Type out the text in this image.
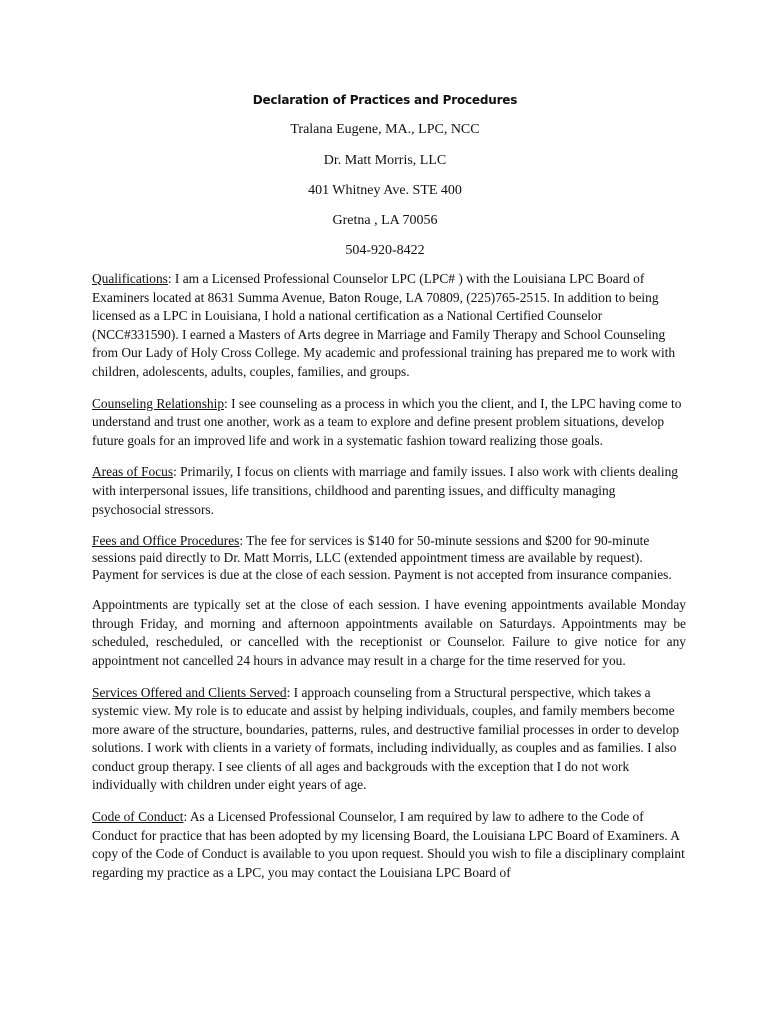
Declaration of Practices and Procedures

Tralana Eugene, MA., LPC, NCC

Dr. Matt Morris, LLC

401 Whitney Ave. STE 400

Gretna , LA 70056

504-920-8422

Qualifications: I am a Licensed Professional Counselor LPC (LPC# ) with the Louisiana LPC Board of Examiners located at 8631 Summa Avenue, Baton Rouge, LA 70809, (225)765-2515. In addition to being licensed as a LPC in Louisiana, I hold a national certification as a National Certified Counselor (NCC#331590). I earned a Masters of Arts degree in Marriage and Family Therapy and School Counseling from Our Lady of Holy Cross College. My academic and professional training has prepared me to work with children, adolescents, adults, couples, families, and groups.

Counseling Relationship: I see counseling as a process in which you the client, and I, the LPC having come to understand and trust one another, work as a team to explore and define present problem situations, develop future goals for an improved life and work in a systematic fashion toward realizing those goals.

Areas of Focus: Primarily, I focus on clients with marriage and family issues. I also work with clients dealing with interpersonal issues, life transitions, childhood and parenting issues, and difficulty managing psychosocial stressors.

Fees and Office Procedures: The fee for services is $140 for 50-minute sessions and $200 for 90-minute sessions paid directly to Dr. Matt Morris, LLC (extended appointment timess are available by request). Payment for services is due at the close of each session. Payment is not accepted from insurance companies.

Appointments are typically set at the close of each session. I have evening appointments available Monday through Friday, and morning and afternoon appointments available on Saturdays. Appointments may be scheduled, rescheduled, or cancelled with the receptionist or Counselor. Failure to give notice for any appointment not cancelled 24 hours in advance may result in a charge for the time reserved for you.

Services Offered and Clients Served: I approach counseling from a Structural perspective, which takes a systemic view. My role is to educate and assist by helping individuals, couples, and family members become more aware of the structure, boundaries, patterns, rules, and destructive familial processes in order to develop solutions. I work with clients in a variety of formats, including individually, as couples and as families. I also conduct group therapy. I see clients of all ages and backgrouds with the exception that I do not work individually with children under eight years of age.

Code of Conduct: As a Licensed Professional Counselor, I am required by law to adhere to the Code of Conduct for practice that has been adopted by my licensing Board, the Louisiana LPC Board of Examiners. A copy of the Code of Conduct is available to you upon request. Should you wish to file a disciplinary complaint regarding my practice as a LPC, you may contact the Louisiana LPC Board of
